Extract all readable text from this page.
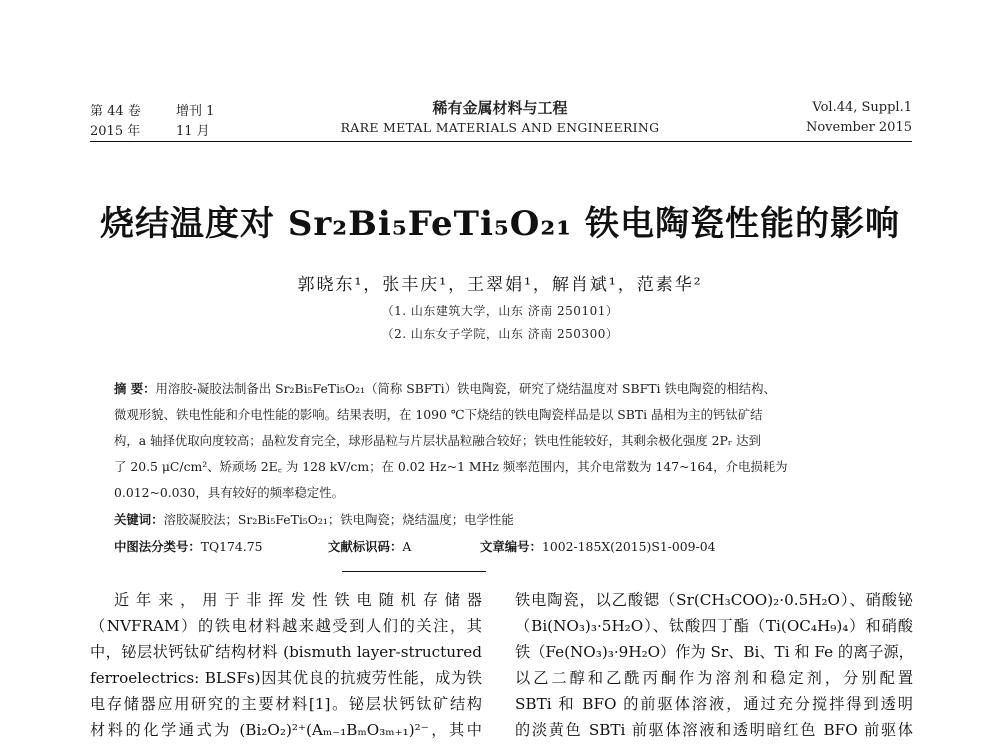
第 44 卷
2015 年
增刊 1
11 月
稀有金属材料与工程
RARE METAL MATERIALS AND ENGINEERING
Vol.44, Suppl.1
November 2015
烧结温度对 Sr₂Bi₅FeTi₅O₂₁ 铁电陶瓷性能的影响
郭晓东¹，张丰庆¹，王翠娟¹，解肖斌¹，范素华²
（1. 山东建筑大学，山东 济南 250101）
（2. 山东女子学院，山东 济南 250300）
摘 要：用溶胶-凝胶法制备出 Sr₂Bi₅FeTi₅O₂₁（简称 SBFTi）铁电陶瓷，研究了烧结温度对 SBFTi 铁电陶瓷的相结构、
微观形貌、铁电性能和介电性能的影响。结果表明，在 1090 ℃下烧结的铁电陶瓷样品是以 SBTi 晶相为主的钙钛矿结
构，a 轴择优取向度较高；晶粒发育完全，球形晶粒与片层状晶粒融合较好；铁电性能较好，其剩余极化强度 2Pᵣ 达到
了 20.5 μC/cm²、矫顽场 2E꜀ 为 128 kV/cm；在 0.02 Hz~1 MHz 频率范围内，其介电常数为 147~164，介电损耗为
0.012~0.030，具有较好的频率稳定性。
关键词：溶胶凝胶法；Sr₂Bi₅FeTi₅O₂₁；铁电陶瓷；烧结温度；电学性能
中图法分类号：TQ174.75	文献标识码：A	文章编号：1002-185X(2015)S1-009-04
近 年 来 ， 用 于 非 挥 发 性 铁 电 随 机 存 储 器
（NVFRAM）的铁电材料越来越受到人们的关注，其
中，铋层状钙钛矿结构材料 (bismuth layer-structured
ferroelectrics: BLSFs)因其优良的抗疲劳性能，成为铁
电存储器应用研究的主要材料[1]。铋层状钙钛矿结构
材料的化学通式为 (Bi₂O₂)²⁺(Aₘ₋₁BₘO₃ₘ₊₁)²⁻，其中
铁电陶瓷，以乙酸锶（Sr(CH₃COO)₂·0.5H₂O）、硝酸铋
（Bi(NO₃)₃·5H₂O）、钛酸四丁酯（Ti(OC₄H₉)₄）和硝酸
铁（Fe(NO₃)₃·9H₂O）作为 Sr、Bi、Ti 和 Fe 的离子源，
以乙二醇和乙酰丙酮作为溶剂和稳定剂，分别配置
SBTi 和 BFO 的前驱体溶液，通过充分搅拌得到透明
的淡黄色 SBTi 前驱体溶液和透明暗红色 BFO 前驱体
